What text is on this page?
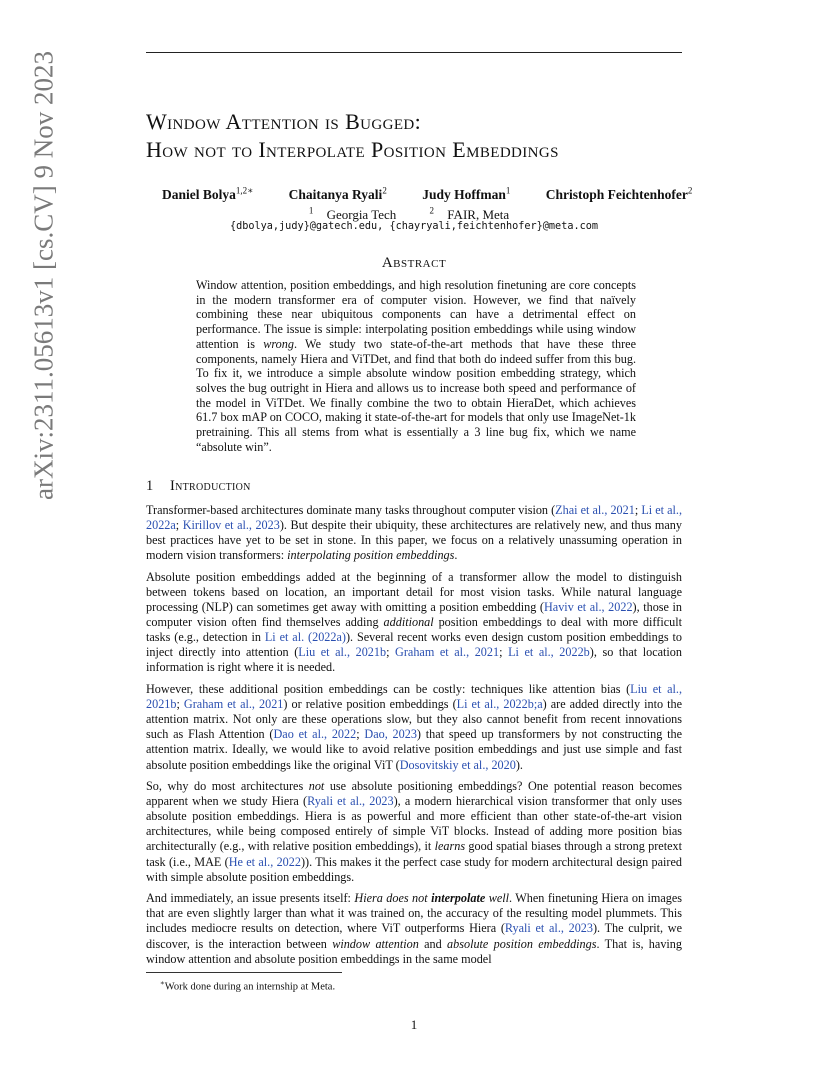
arXiv:2311.05613v1 [cs.CV] 9 Nov 2023	Window Attention is Bugged:
How not to Interpolate Position Embeddings
Daniel Bolya$^{1,2∗}$	Chaitanya Ryali$^2$	Judy Hoffman$^1$	Christoph Feichtenhofer$^2$
$^1$ Georgia Tech	$^2$ FAIR, Meta
{dbolya,judy}@gatech.edu, {chayryali,feichtenhofer}@meta.com
Abstract
Window attention, position embeddings, and high resolution finetuning are core concepts in the modern transformer era of computer vision. However, we find that naïvely combining these near ubiquitous components can have a detrimental effect on performance. The issue is simple: interpolating position embeddings while using window attention is wrong. We study two state-of-the-art methods that have these three components, namely Hiera and ViTDet, and find that both do indeed suffer from this bug. To fix it, we introduce a simple absolute window position embedding strategy, which solves the bug outright in Hiera and allows us to increase both speed and performance of the model in ViTDet. We finally combine the two to obtain HieraDet, which achieves 61.7 box mAP on COCO, making it state-of-the-art for models that only use ImageNet-1k pretraining. This all stems from what is essentially a 3 line bug fix, which we name “absolute win”.
1 Introduction

Transformer-based architectures dominate many tasks throughout computer vision (Zhai et al., 2021; Li et al., 2022a; Kirillov et al., 2023). But despite their ubiquity, these architectures are relatively new, and thus many best practices have yet to be set in stone. In this paper, we focus on a relatively unassuming operation in modern vision transformers: interpolating position embeddings.

Absolute position embeddings added at the beginning of a transformer allow the model to distinguish between tokens based on location, an important detail for most vision tasks. While natural language processing (NLP) can sometimes get away with omitting a position embedding (Haviv et al., 2022), those in computer vision often find themselves adding additional position embeddings to deal with more difficult tasks (e.g., detection in Li et al. (2022a)). Several recent works even design custom position embeddings to inject directly into attention (Liu et al., 2021b; Graham et al., 2021; Li et al., 2022b), so that location information is right where it is needed.

However, these additional position embeddings can be costly: techniques like attention bias (Liu et al., 2021b; Graham et al., 2021) or relative position embeddings (Li et al., 2022b;a) are added directly into the attention matrix. Not only are these operations slow, but they also cannot benefit from recent innovations such as Flash Attention (Dao et al., 2022; Dao, 2023) that speed up transformers by not constructing the attention matrix. Ideally, we would like to avoid relative position embeddings and just use simple and fast absolute position embeddings like the original ViT (Dosovitskiy et al., 2020).

So, why do most architectures not use absolute positioning embeddings? One potential reason becomes apparent when we study Hiera (Ryali et al., 2023), a modern hierarchical vision transformer that only uses absolute position embeddings. Hiera is as powerful and more efficient than other state-of-the-art vision architectures, while being composed entirely of simple ViT blocks. Instead of adding more position bias architecturally (e.g., with relative position embeddings), it learns good spatial biases through a strong pretext task (i.e., MAE (He et al., 2022)). This makes it the perfect case study for modern architectural design paired with simple absolute position embeddings.

And immediately, an issue presents itself: Hiera does not interpolate well. When finetuning Hiera on images that are even slightly larger than what it was trained on, the accuracy of the resulting model plummets. This includes mediocre results on detection, where ViT outperforms Hiera (Ryali et al., 2023). The culprit, we discover, is the interaction between window attention and absolute position embeddings. That is, having window attention and absolute position embeddings in the same model

∗Work done during an internship at Meta.
1
